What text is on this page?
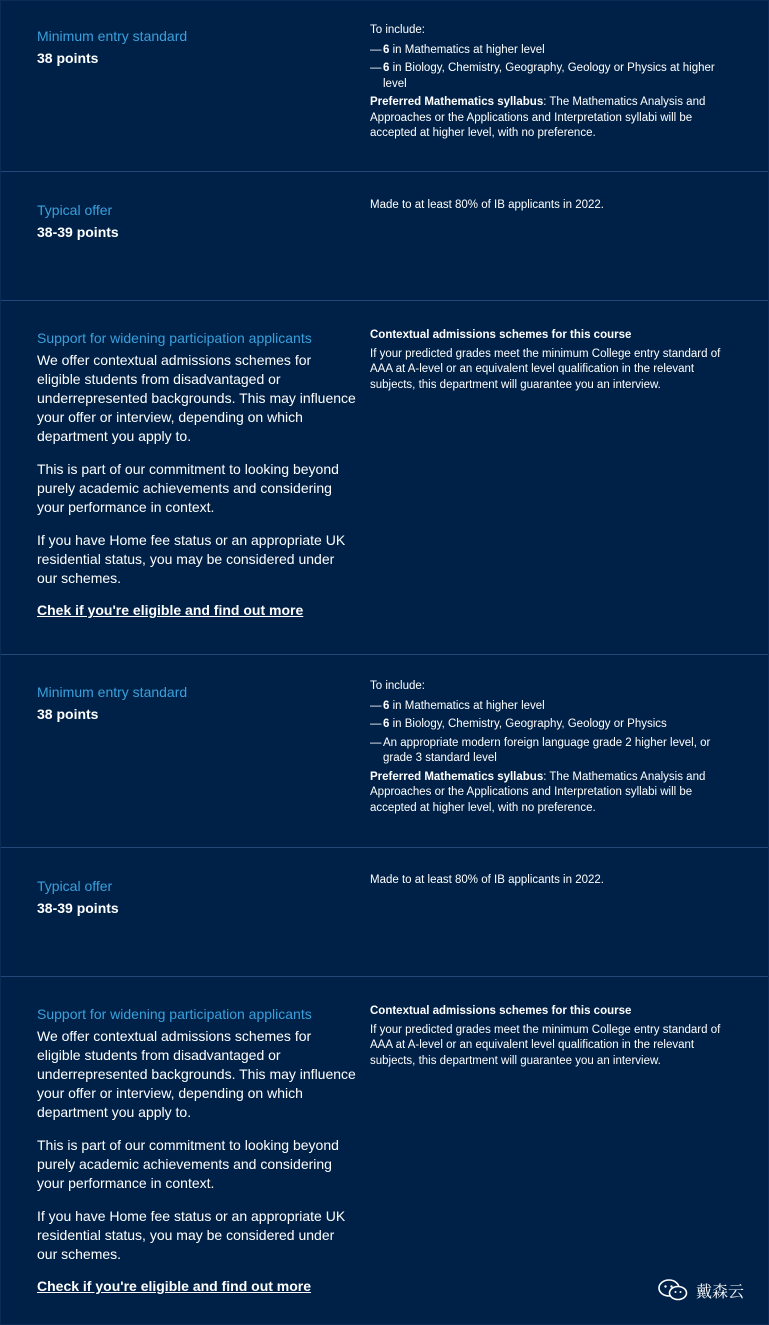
Minimum entry standard
38 points
To include:
— 6 in Mathematics at higher level
— 6 in Biology, Chemistry, Geography, Geology or Physics at higher level
Preferred Mathematics syllabus: The Mathematics Analysis and Approaches or the Applications and Interpretation syllabi will be accepted at higher level, with no preference.
Typical offer
38-39 points
Made to at least 80% of IB applicants in 2022.
Support for widening participation applicants
We offer contextual admissions schemes for eligible students from disadvantaged or underrepresented backgrounds. This may influence your offer or interview, depending on which department you apply to.
This is part of our commitment to looking beyond purely academic achievements and considering your performance in context.
If you have Home fee status or an appropriate UK residential status, you may be considered under our schemes.
Chek if you're eligible and find out more
Contextual admissions schemes for this course
If your predicted grades meet the minimum College entry standard of AAA at A-level or an equivalent level qualification in the relevant subjects, this department will guarantee you an interview.
Minimum entry standard
38 points
To include:
— 6 in Mathematics at higher level
— 6 in Biology, Chemistry, Geography, Geology or Physics
— An appropriate modern foreign language grade 2 higher level, or grade 3 standard level
Preferred Mathematics syllabus: The Mathematics Analysis and Approaches or the Applications and Interpretation syllabi will be accepted at higher level, with no preference.
Typical offer
38-39 points
Made to at least 80% of IB applicants in 2022.
Support for widening participation applicants
We offer contextual admissions schemes for eligible students from disadvantaged or underrepresented backgrounds. This may influence your offer or interview, depending on which department you apply to.
This is part of our commitment to looking beyond purely academic achievements and considering your performance in context.
If you have Home fee status or an appropriate UK residential status, you may be considered under our schemes.
Check if you're eligible and find out more
Contextual admissions schemes for this course
If your predicted grades meet the minimum College entry standard of AAA at A-level or an equivalent level qualification in the relevant subjects, this department will guarantee you an interview.
戴森云
